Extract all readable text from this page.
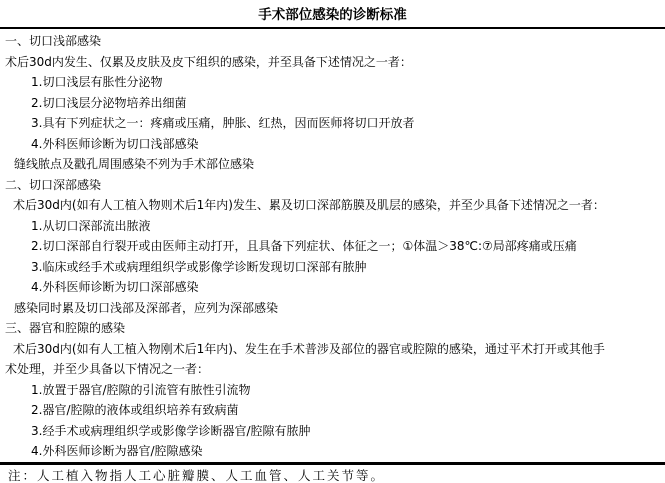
手术部位感染的诊断标准
一、切口浅部感染
术后30d内发生、仅累及皮肤及皮下组织的感染，并至具备下述情况之一者：
1.切口浅层有胀性分泌物
2.切口浅层分泌物培养出细菌
3.具有下列症状之一：疼痛或压痛，肿胀、红热，因而医师将切口开放者
4.外科医师诊断为切口浅部感染
缝线脓点及戳孔周围感染不列为手术部位感染
二、切口深部感染
术后30d内(如有人工植入物则术后1年内)发生、累及切口深部筋膜及肌层的感染，并至少具备下述情况之一者：
1.从切口深部流出脓液
2.切口深部自行裂开或由医师主动打开，且具备下列症状、体征之一；①体温＞38℃:⑦局部疼痛或压痛
3.临床或经手术或病理组织学或影像学诊断发现切口深部有脓肿
4.外科医师诊断为切口深部感染
感染同时累及切口浅部及深部者，应列为深部感染
三、器官和腔隙的感染
术后30d内(如有人工植入物刚术后1年内)、发生在手术普涉及部位的器官或腔隙的感染，通过平术打开或其他手
术处理，并至少具备以下情况之一者：
1.放置于器官/腔隙的引流管有脓性引流物
2.器官/腔隙的液体或组织培养有致病菌
3.经手术或病理组织学或影像学诊断器官/腔隙有脓肿
4.外科医师诊断为器官/腔隙感染
注：人工植入物指人工心脏瓣膜、人工血管、人工关节等。
